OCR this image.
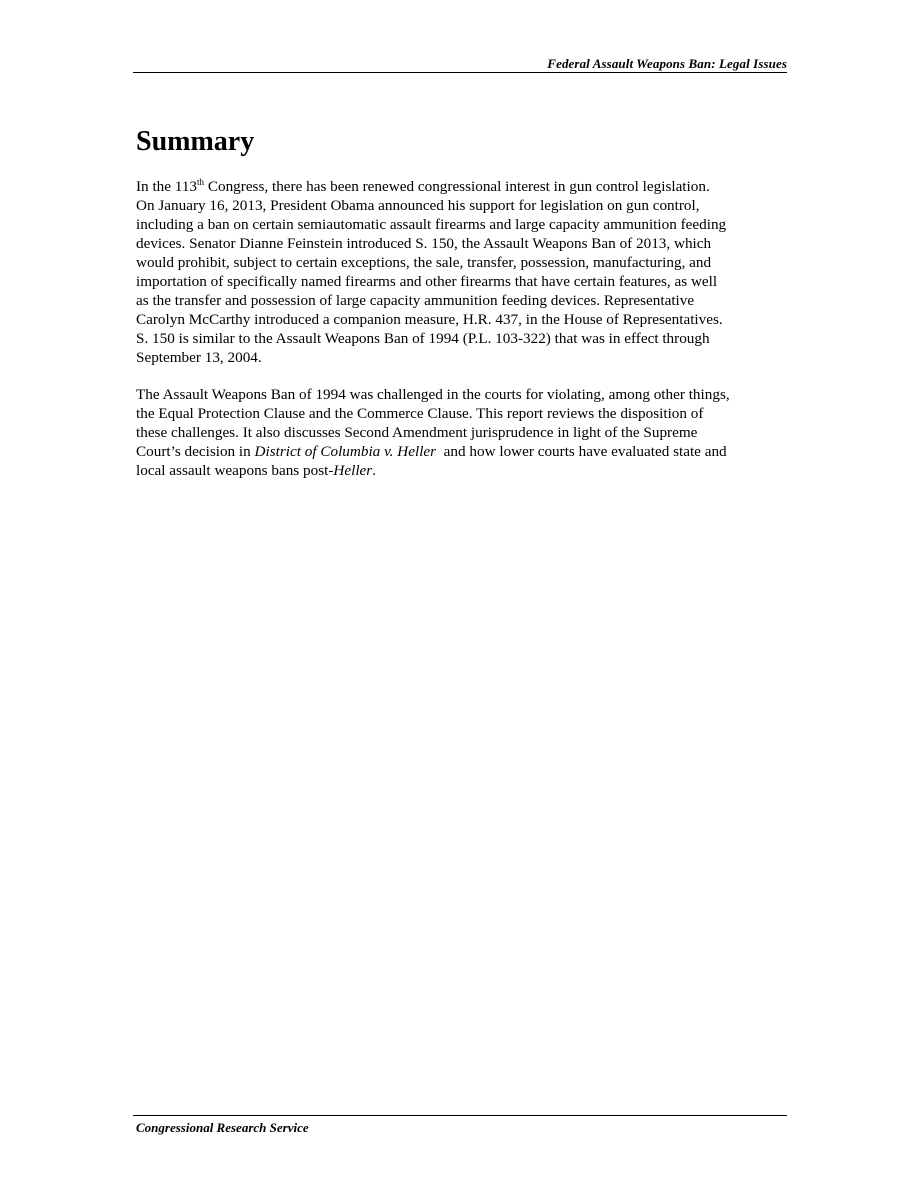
Federal Assault Weapons Ban: Legal Issues
Summary

In the 113th Congress, there has been renewed congressional interest in gun control legislation.
On January 16, 2013, President Obama announced his support for legislation on gun control,
including a ban on certain semiautomatic assault firearms and large capacity ammunition feeding
devices. Senator Dianne Feinstein introduced S. 150, the Assault Weapons Ban of 2013, which
would prohibit, subject to certain exceptions, the sale, transfer, possession, manufacturing, and
importation of specifically named firearms and other firearms that have certain features, as well
as the transfer and possession of large capacity ammunition feeding devices. Representative
Carolyn McCarthy introduced a companion measure, H.R. 437, in the House of Representatives.
S. 150 is similar to the Assault Weapons Ban of 1994 (P.L. 103-322) that was in effect through
September 13, 2004.

The Assault Weapons Ban of 1994 was challenged in the courts for violating, among other things,
the Equal Protection Clause and the Commerce Clause. This report reviews the disposition of
these challenges. It also discusses Second Amendment jurisprudence in light of the Supreme
Court’s decision in District of Columbia v. Heller  and how lower courts have evaluated state and
local assault weapons bans post-Heller.

Congressional Research Service
